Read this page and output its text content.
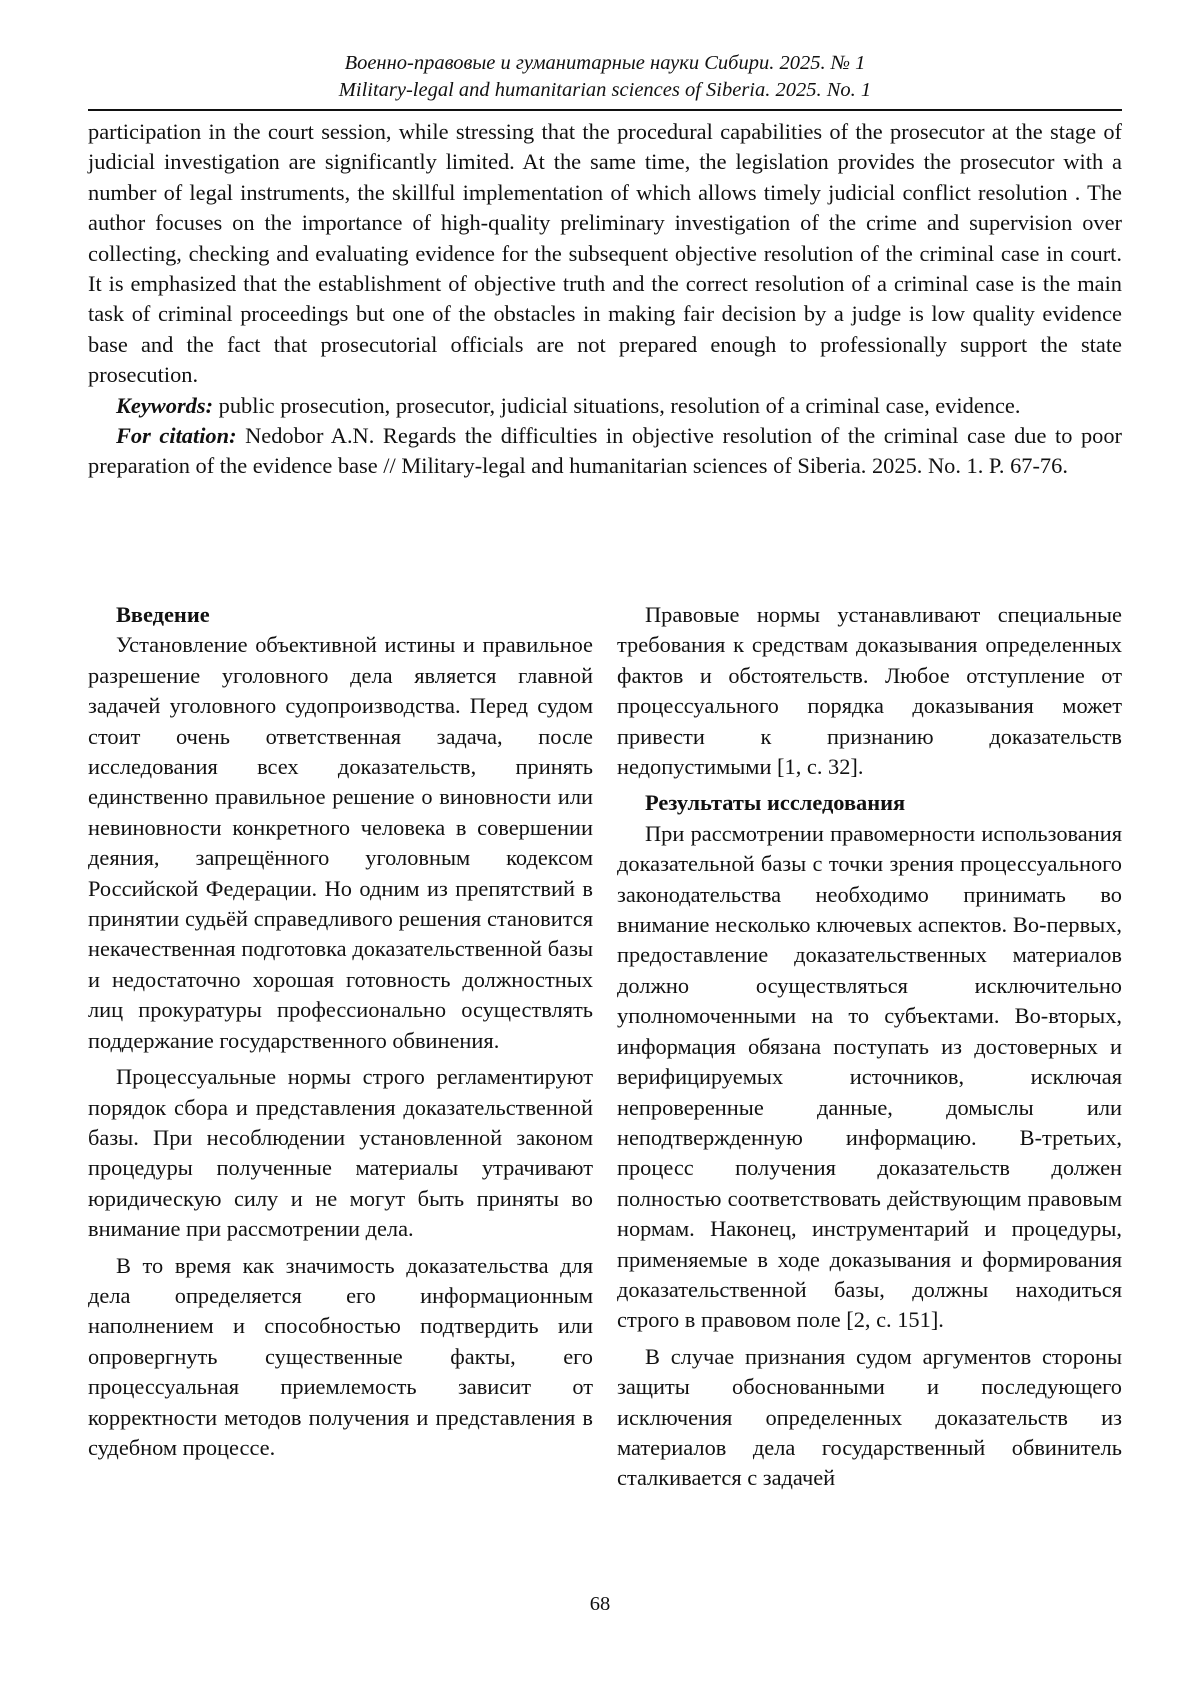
Военно-правовые и гуманитарные науки Сибири. 2025. № 1
Military-legal and humanitarian sciences of Siberia. 2025. No. 1

participation in the court session, while stressing that the procedural capabilities of the prosecutor at the stage of judicial investigation are significantly limited. At the same time, the legislation provides the prosecutor with a number of legal instruments, the skillful implementation of which allows timely judicial conflict resolution . The author focuses on the importance of high-quality preliminary investigation of the crime and supervision over collecting, checking and evaluating evidence for the subsequent objective resolution of the criminal case in court. It is emphasized that the establishment of objective truth and the correct resolution of a criminal case is the main task of criminal proceedings but one of the obstacles in making fair decision by a judge is low quality evidence base and the fact that prosecutorial officials are not prepared enough to professionally support the state prosecution.

Keywords: public prosecution, prosecutor, judicial situations, resolution of a criminal case, evidence.

For citation: Nedobor A.N. Regards the difficulties in objective resolution of the criminal case due to poor preparation of the evidence base // Military-legal and humanitarian sciences of Siberia. 2025. No. 1. P. 67-76.

Введение

Установление объективной истины и правильное разрешение уголовного дела является главной задачей уголовного судопроизводства. Перед судом стоит очень ответственная задача, после исследования всех доказательств, принять единственно правильное решение о виновности или невиновности конкретного человека в совершении деяния, запрещённого уголовным кодексом Российской Федерации. Но одним из препятствий в принятии судьёй справедливого решения становится некачественная подготовка доказательственной базы и недостаточно хорошая готовность должностных лиц прокуратуры профессионально осуществлять поддержание государственного обвинения.

Процессуальные нормы строго регламентируют порядок сбора и представления доказательственной базы. При несоблюдении установленной законом процедуры полученные материалы утрачивают юридическую силу и не могут быть приняты во внимание при рассмотрении дела.

В то время как значимость доказательства для дела определяется его информационным наполнением и способностью подтвердить или опровергнуть существенные факты, его процессуальная приемлемость зависит от корректности методов получения и представления в судебном процессе.

Правовые нормы устанавливают специальные требования к средствам доказывания определенных фактов и обстоятельств. Любое отступление от процессуального порядка доказывания может привести к признанию доказательств недопустимыми [1, с. 32].

Результаты исследования

При рассмотрении правомерности использования доказательной базы с точки зрения процессуального законодательства необходимо принимать во внимание несколько ключевых аспектов. Во-первых, предоставление доказательственных материалов должно осуществляться исключительно уполномоченными на то субъектами. Во-вторых, информация обязана поступать из достоверных и верифицируемых источников, исключая непроверенные данные, домыслы или неподтвержденную информацию. В-третьих, процесс получения доказательств должен полностью соответствовать действующим правовым нормам. Наконец, инструментарий и процедуры, применяемые в ходе доказывания и формирования доказательственной базы, должны находиться строго в правовом поле [2, с. 151].

В случае признания судом аргументов стороны защиты обоснованными и последующего исключения определенных доказательств из материалов дела государственный обвинитель сталкивается с задачей

68
